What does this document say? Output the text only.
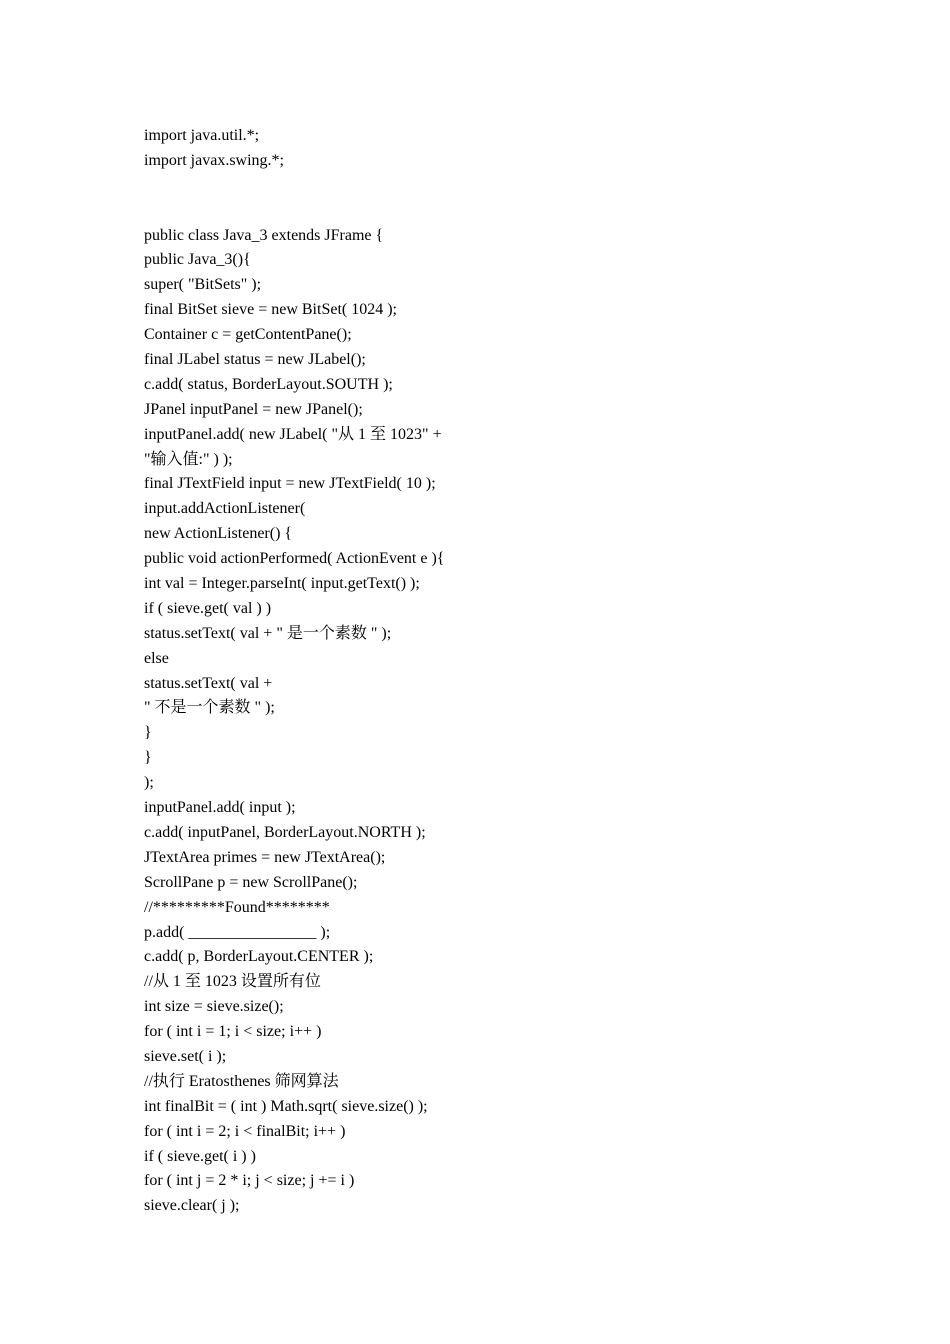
import java.util.*;
import javax.swing.*;
public class Java_3 extends JFrame {
public Java_3(){
super( "BitSets" );
final BitSet sieve = new BitSet( 1024 );
Container c = getContentPane();
final JLabel status = new JLabel();
c.add( status, BorderLayout.SOUTH );
JPanel inputPanel = new JPanel();
inputPanel.add( new JLabel( "从 1 至 1023" +
"输入值:" ) );
final JTextField input = new JTextField( 10 );
input.addActionListener(
new ActionListener() {
public void actionPerformed( ActionEvent e ){
int val = Integer.parseInt( input.getText() );
if ( sieve.get( val ) )
status.setText( val + " 是一个素数 " );
else
status.setText( val +
" 不是一个素数 " );
}
}
);
inputPanel.add( input );
c.add( inputPanel, BorderLayout.NORTH );
JTextArea primes = new JTextArea();
ScrollPane p = new ScrollPane();
//*********Found********
p.add( ________________ );
c.add( p, BorderLayout.CENTER );
//从 1 至 1023 设置所有位
int size = sieve.size();
for ( int i = 1; i < size; i++ )
sieve.set( i );
//执行 Eratosthenes 筛网算法
int finalBit = ( int ) Math.sqrt( sieve.size() );
for ( int i = 2; i < finalBit; i++ )
if ( sieve.get( i ) )
for ( int j = 2 * i; j < size; j += i )
sieve.clear( j );
